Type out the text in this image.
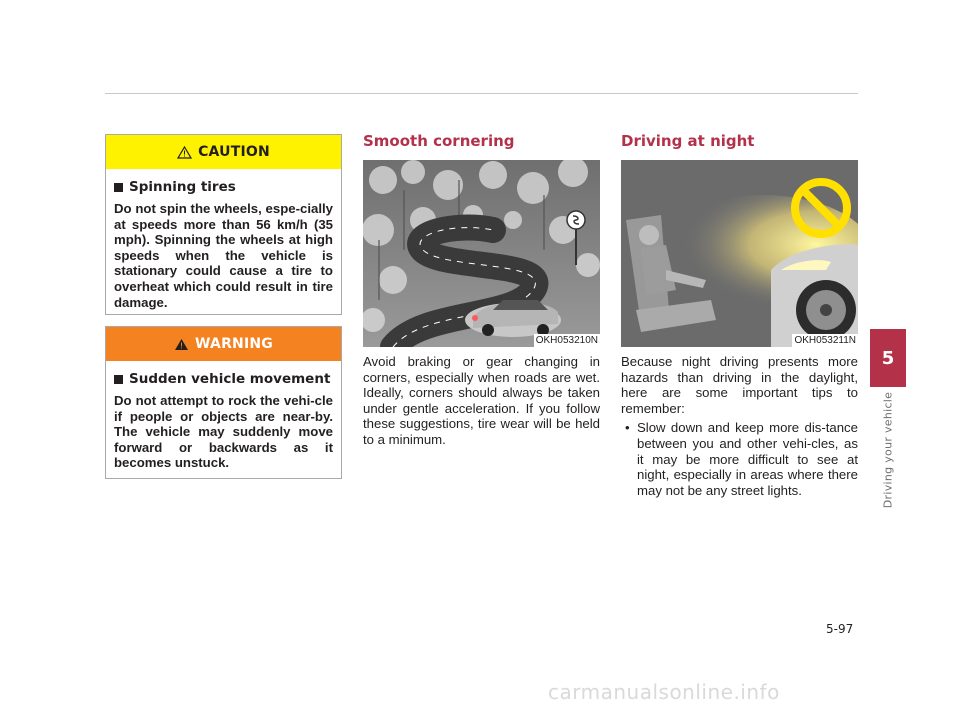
CAUTION
Spinning tires
Do not spin the wheels, espe-cially at speeds more than 56 km/h (35 mph). Spinning the wheels at high speeds when the vehicle is stationary could cause a tire to overheat which could result in tire damage.
WARNING
Sudden vehicle movement
Do not attempt to rock the vehi-cle if people or objects are near-by. The vehicle may suddenly move forward or backwards as it becomes unstuck.
Smooth cornering
OKH053210N
Avoid braking or gear changing in corners, especially when roads are wet. Ideally, corners should always be taken under gentle acceleration. If you follow these suggestions, tire wear will be held to a minimum.
Driving at night
OKH053211N
Because night driving presents more hazards than driving in the daylight, here are some important tips to remember:
• Slow down and keep more dis-tance between you and other vehi-cles, as it may be more difficult to see at night, especially in areas where there may not be any street lights.
5
Driving your vehicle
5-97
carmanualsonline.info
